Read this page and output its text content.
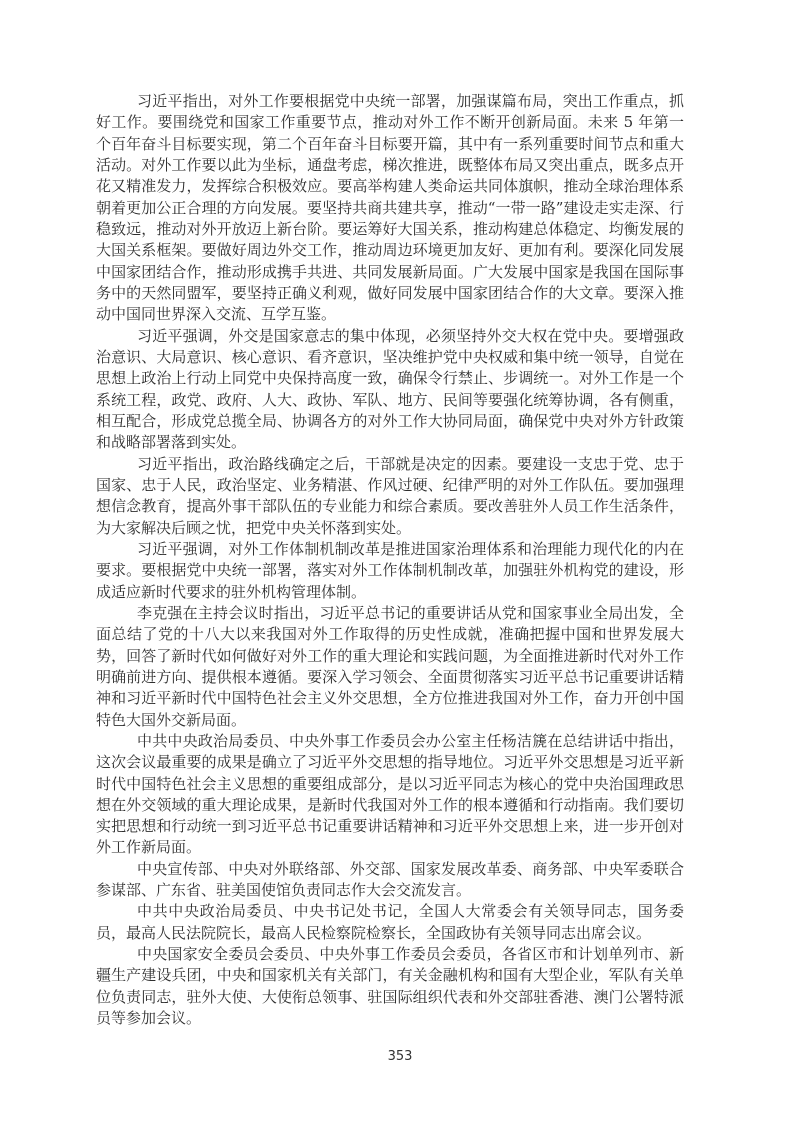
习近平指出，对外工作要根据党中央统一部署，加强谋篇布局，突出工作重点，抓好工作。要围绕党和国家工作重要节点，推动对外工作不断开创新局面。未来 5 年第一个百年奋斗目标要实现，第二个百年奋斗目标要开篇，其中有一系列重要时间节点和重大活动。对外工作要以此为坐标，通盘考虑，梯次推进，既整体布局又突出重点，既多点开花又精准发力，发挥综合积极效应。要高举构建人类命运共同体旗帜，推动全球治理体系朝着更加公正合理的方向发展。要坚持共商共建共享，推动“一带一路”建设走实走深、行稳致远，推动对外开放迈上新台阶。要运筹好大国关系，推动构建总体稳定、均衡发展的大国关系框架。要做好周边外交工作，推动周边环境更加友好、更加有利。要深化同发展中国家团结合作，推动形成携手共进、共同发展新局面。广大发展中国家是我国在国际事务中的天然同盟军，要坚持正确义利观，做好同发展中国家团结合作的大文章。要深入推动中国同世界深入交流、互学互鉴。

习近平强调，外交是国家意志的集中体现，必须坚持外交大权在党中央。要增强政治意识、大局意识、核心意识、看齐意识，坚决维护党中央权威和集中统一领导，自觉在思想上政治上行动上同党中央保持高度一致，确保令行禁止、步调统一。对外工作是一个系统工程，政党、政府、人大、政协、军队、地方、民间等要强化统筹协调，各有侧重，相互配合，形成党总揽全局、协调各方的对外工作大协同局面，确保党中央对外方针政策和战略部署落到实处。

习近平指出，政治路线确定之后，干部就是决定的因素。要建设一支忠于党、忠于国家、忠于人民，政治坚定、业务精湛、作风过硬、纪律严明的对外工作队伍。要加强理想信念教育，提高外事干部队伍的专业能力和综合素质。要改善驻外人员工作生活条件，为大家解决后顾之忧，把党中央关怀落到实处。

习近平强调，对外工作体制机制改革是推进国家治理体系和治理能力现代化的内在要求。要根据党中央统一部署，落实对外工作体制机制改革，加强驻外机构党的建设，形成适应新时代要求的驻外机构管理体制。

李克强在主持会议时指出，习近平总书记的重要讲话从党和国家事业全局出发，全面总结了党的十八大以来我国对外工作取得的历史性成就，准确把握中国和世界发展大势，回答了新时代如何做好对外工作的重大理论和实践问题，为全面推进新时代对外工作明确前进方向、提供根本遵循。要深入学习领会、全面贯彻落实习近平总书记重要讲话精神和习近平新时代中国特色社会主义外交思想，全方位推进我国对外工作，奋力开创中国特色大国外交新局面。

中共中央政治局委员、中央外事工作委员会办公室主任杨洁篪在总结讲话中指出，这次会议最重要的成果是确立了习近平外交思想的指导地位。习近平外交思想是习近平新时代中国特色社会主义思想的重要组成部分，是以习近平同志为核心的党中央治国理政思想在外交领域的重大理论成果，是新时代我国对外工作的根本遵循和行动指南。我们要切实把思想和行动统一到习近平总书记重要讲话精神和习近平外交思想上来，进一步开创对外工作新局面。

中央宣传部、中央对外联络部、外交部、国家发展改革委、商务部、中央军委联合参谋部、广东省、驻美国使馆负责同志作大会交流发言。

中共中央政治局委员、中央书记处书记，全国人大常委会有关领导同志，国务委员，最高人民法院院长，最高人民检察院检察长，全国政协有关领导同志出席会议。

中央国家安全委员会委员、中央外事工作委员会委员，各省区市和计划单列市、新疆生产建设兵团，中央和国家机关有关部门，有关金融机构和国有大型企业，军队有关单位负责同志，驻外大使、大使衔总领事、驻国际组织代表和外交部驻香港、澳门公署特派员等参加会议。

353
